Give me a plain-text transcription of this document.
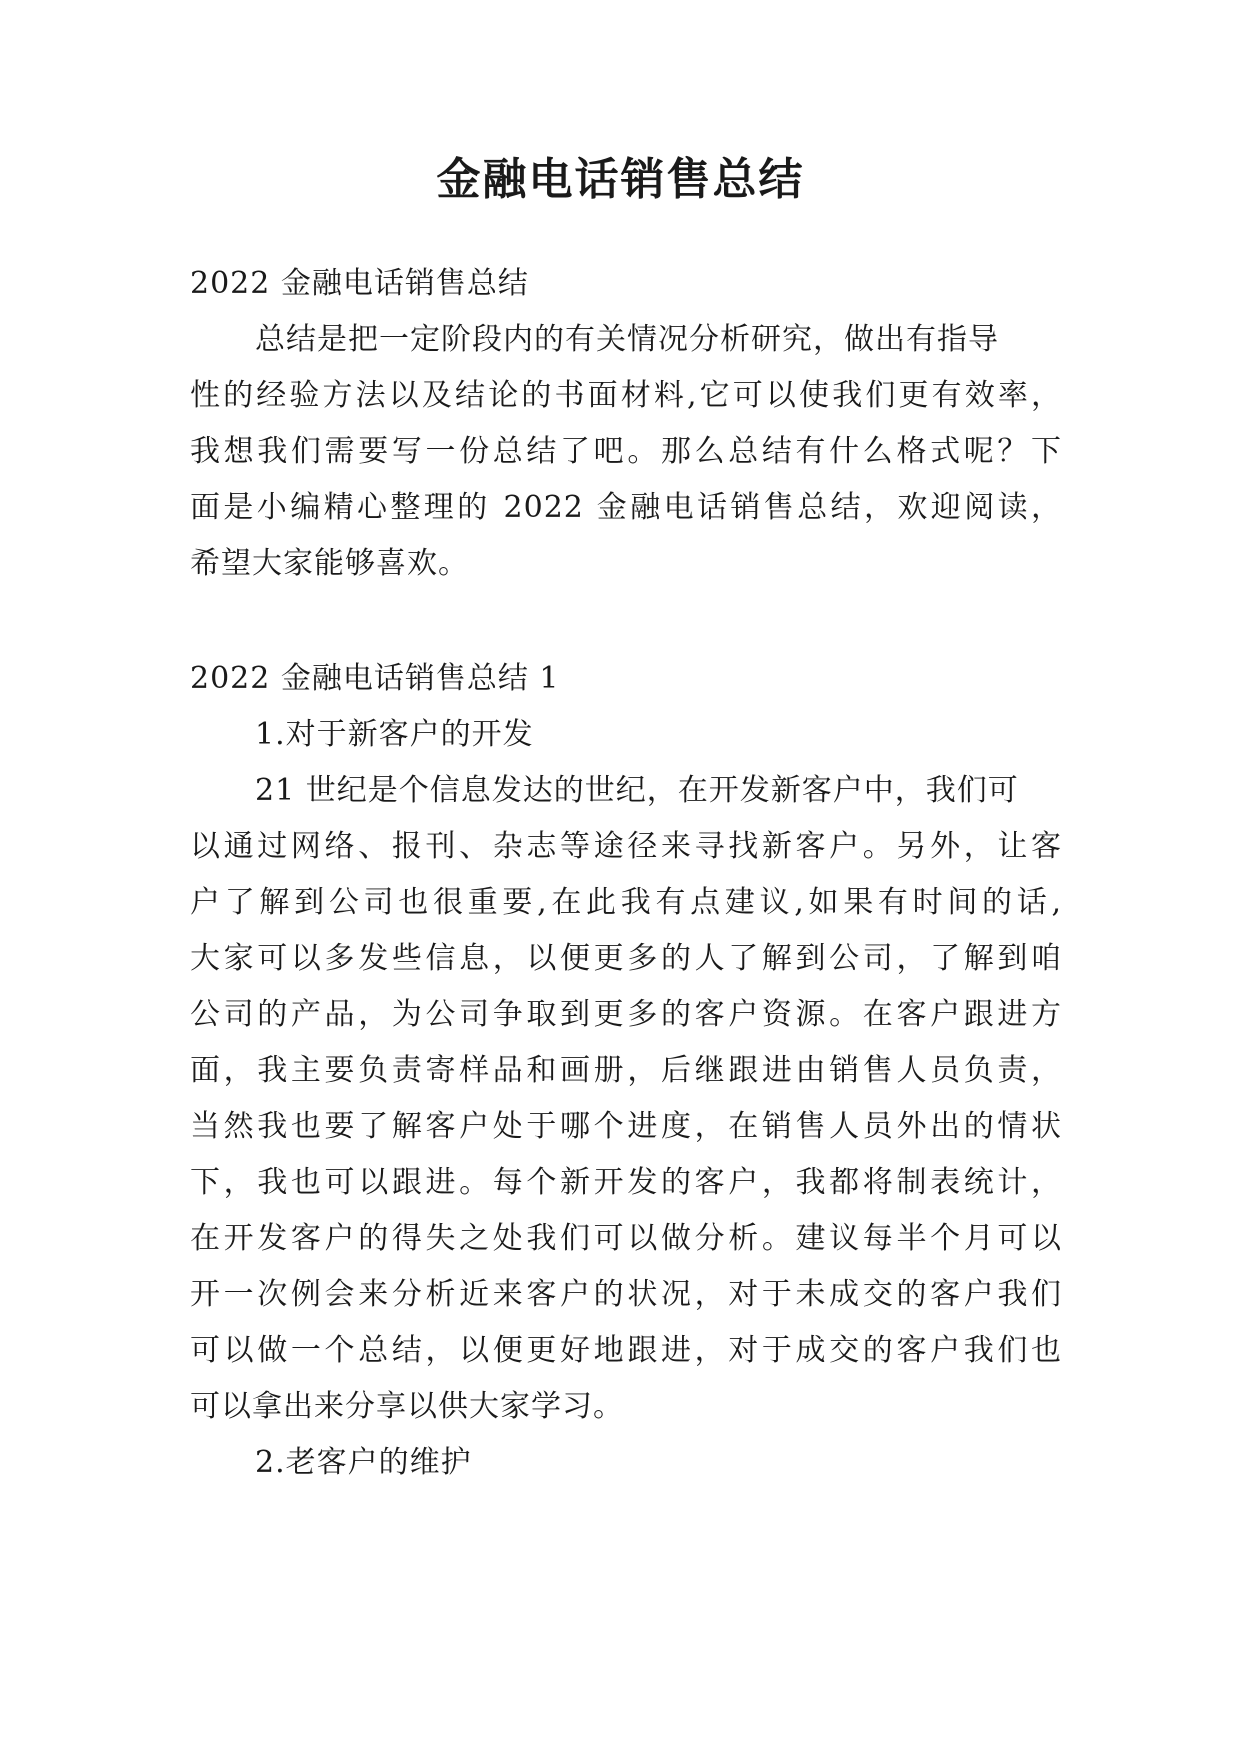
金融电话销售总结
2022 金融电话销售总结
总结是把一定阶段内的有关情况分析研究，做出有指导
性的经验方法以及结论的书面材料,它可以使我们更有效率，
我想我们需要写一份总结了吧。那么总结有什么格式呢？下
面是小编精心整理的 2022 金融电话销售总结，欢迎阅读，
希望大家能够喜欢。
2022 金融电话销售总结 1
1.对于新客户的开发
21 世纪是个信息发达的世纪，在开发新客户中，我们可
以通过网络、报刊、杂志等途径来寻找新客户。另外，让客
户了解到公司也很重要,在此我有点建议,如果有时间的话,
大家可以多发些信息，以便更多的人了解到公司，了解到咱
公司的产品，为公司争取到更多的客户资源。在客户跟进方
面，我主要负责寄样品和画册，后继跟进由销售人员负责，
当然我也要了解客户处于哪个进度，在销售人员外出的情状
下，我也可以跟进。每个新开发的客户，我都将制表统计，
在开发客户的得失之处我们可以做分析。建议每半个月可以
开一次例会来分析近来客户的状况，对于未成交的客户我们
可以做一个总结，以便更好地跟进，对于成交的客户我们也
可以拿出来分享以供大家学习。
2.老客户的维护
